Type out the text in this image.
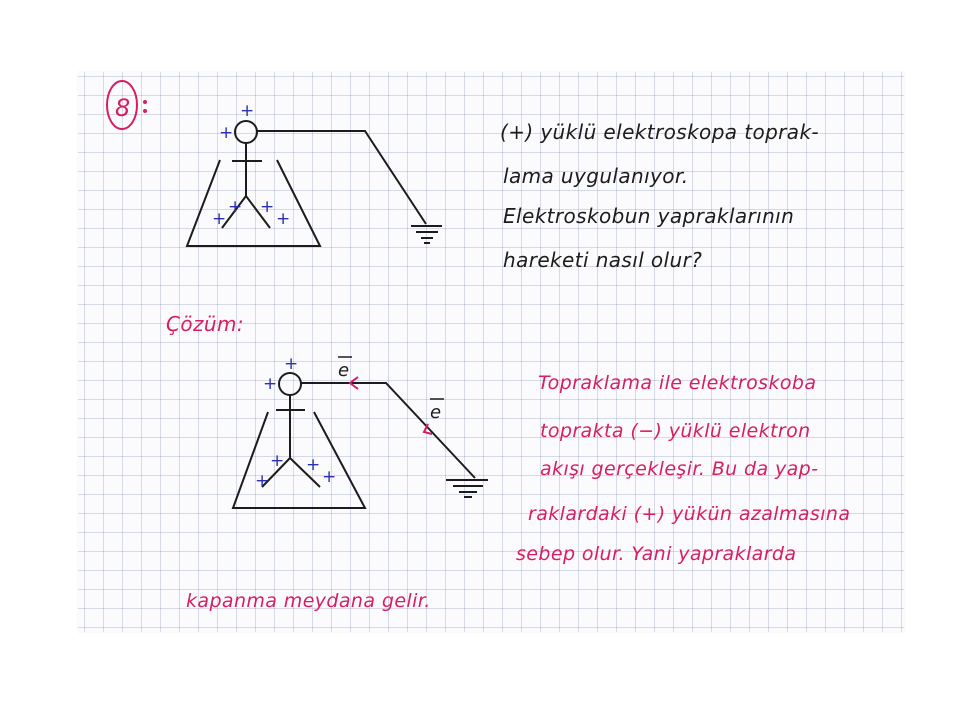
8	+
+
+ +
+	+
e
e
+
+
+ +
+	+
(+) yüklü elektroskopa toprak-
lama uygulanıyor.
Elektroskobun yapraklarının
hareketi nasıl olur?
Çözüm:
Topraklama ile elektroskoba
toprakta (−) yüklü elektron
akışı gerçekleşir. Bu da yap-
raklardaki (+) yükün azalmasına
sebep olur. Yani yapraklarda
kapanma meydana gelir.
